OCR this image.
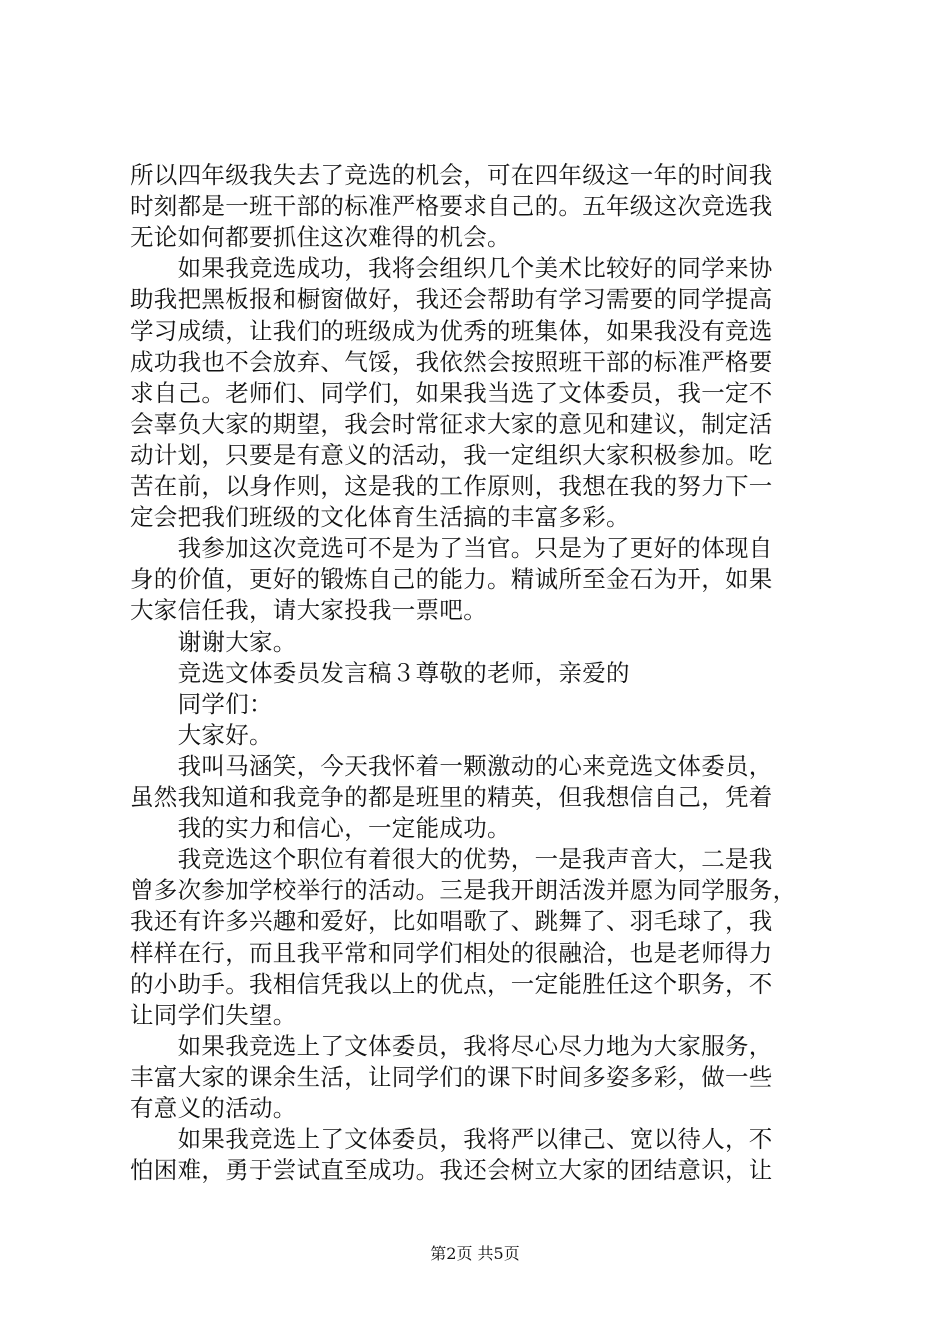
所以四年级我失去了竞选的机会，可在四年级这一年的时间我
时刻都是一班干部的标准严格要求自己的。五年级这次竞选我
无论如何都要抓住这次难得的机会。
　　如果我竞选成功，我将会组织几个美术比较好的同学来协
助我把黑板报和橱窗做好，我还会帮助有学习需要的同学提高
学习成绩，让我们的班级成为优秀的班集体，如果我没有竞选
成功我也不会放弃、气馁，我依然会按照班干部的标准严格要
求自己。老师们、同学们，如果我当选了文体委员，我一定不
会辜负大家的期望，我会时常征求大家的意见和建议，制定活
动计划，只要是有意义的活动，我一定组织大家积极参加。吃
苦在前，以身作则，这是我的工作原则，我想在我的努力下一
定会把我们班级的文化体育生活搞的丰富多彩。
　　我参加这次竞选可不是为了当官。只是为了更好的体现自
身的价值，更好的锻炼自己的能力。精诚所至金石为开，如果
大家信任我，请大家投我一票吧。
　　谢谢大家。
　　竞选文体委员发言稿３尊敬的老师，亲爱的
　　同学们：
　　大家好。
　　我叫马涵笑，今天我怀着一颗激动的心来竞选文体委员，
虽然我知道和我竞争的都是班里的精英，但我想信自己，凭着
　　我的实力和信心，一定能成功。
　　我竞选这个职位有着很大的优势，一是我声音大，二是我
曾多次参加学校举行的活动。三是我开朗活泼并愿为同学服务，
我还有许多兴趣和爱好，比如唱歌了、跳舞了、羽毛球了，我
样样在行，而且我平常和同学们相处的很融洽，也是老师得力
的小助手。我相信凭我以上的优点，一定能胜任这个职务，不
让同学们失望。
　　如果我竞选上了文体委员，我将尽心尽力地为大家服务，
丰富大家的课余生活，让同学们的课下时间多姿多彩，做一些
有意义的活动。
　　如果我竞选上了文体委员，我将严以律己、宽以待人，不
怕困难，勇于尝试直至成功。我还会树立大家的团结意识，让
第2页 共5页
